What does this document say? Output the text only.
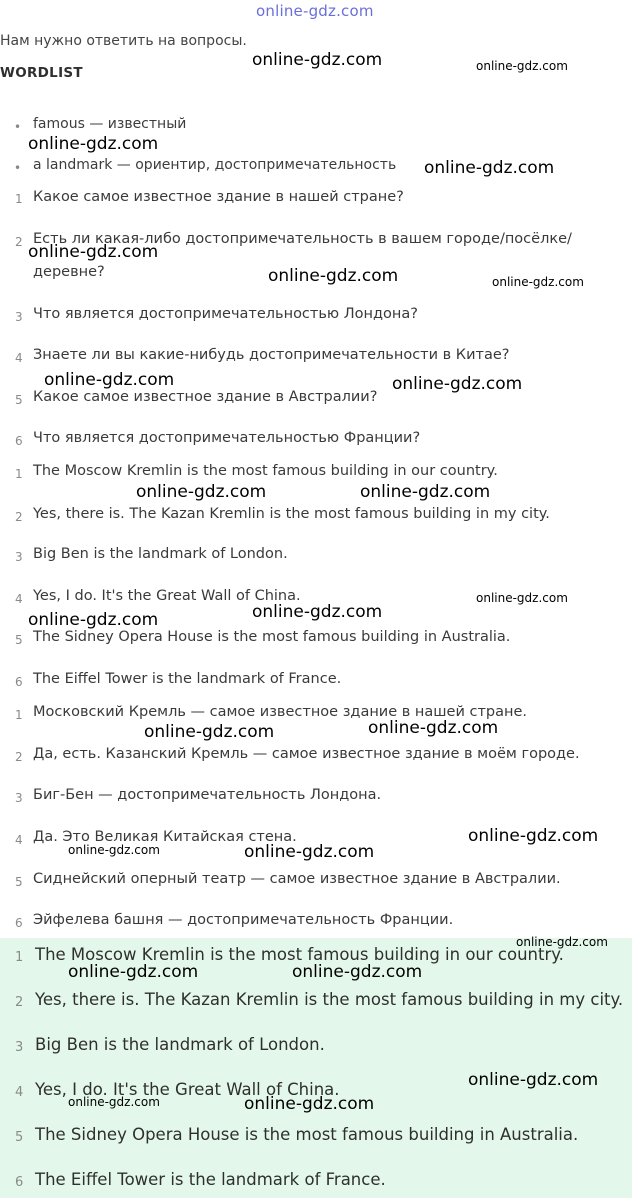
online-gdz.com
Нам нужно ответить на вопросы.
WORDLIST
• famous — известный
• a landmark — ориентир, достопримечательность
1 Какое самое известное здание в нашей стране?
2 Есть ли какая-либо достопримечательность в вашем городе/посёлке/
деревне?
3 Что является достопримечательностью Лондона?
4 Знаете ли вы какие-нибудь достопримечательности в Китае?
5 Какое самое известное здание в Австралии?
6 Что является достопримечательностью Франции?
1 The Moscow Kremlin is the most famous building in our country.
2 Yes, there is. The Kazan Kremlin is the most famous building in my city.
3 Big Ben is the landmark of London.
4 Yes, I do. It's the Great Wall of China.
5 The Sidney Opera House is the most famous building in Australia.
6 The Eiffel Tower is the landmark of France.
1 Московский Кремль — самое известное здание в нашей стране.
2 Да, есть. Казанский Кремль — самое известное здание в моём городе.
3 Биг-Бен — достопримечательность Лондона.
4 Да. Это Великая Китайская стена.
5 Сиднейский оперный театр — самое известное здание в Австралии.
6 Эйфелева башня — достопримечательность Франции.
1 The Moscow Kremlin is the most famous building in our country.
2 Yes, there is. The Kazan Kremlin is the most famous building in my city.
3 Big Ben is the landmark of London.
4 Yes, I do. It's the Great Wall of China.
5 The Sidney Opera House is the most famous building in Australia.
6 The Eiffel Tower is the landmark of France.
online-gdz.com
online-gdz.com
online-gdz.com
online-gdz.com
online-gdz.com
online-gdz.com	online-gdz.com
online-gdz.com	online-gdz.com
online-gdz.com
online-gdz.com
online-gdz.com	online-gdz.com
online-gdz.com
online-gdz.com
online-gdz.com	online-gdz.com
online-gdz.com
online-gdz.com
online-gdz.com
online-gdz.com
online-gdz.com
online-gdz.com
online-gdz.com
online-gdz.com
